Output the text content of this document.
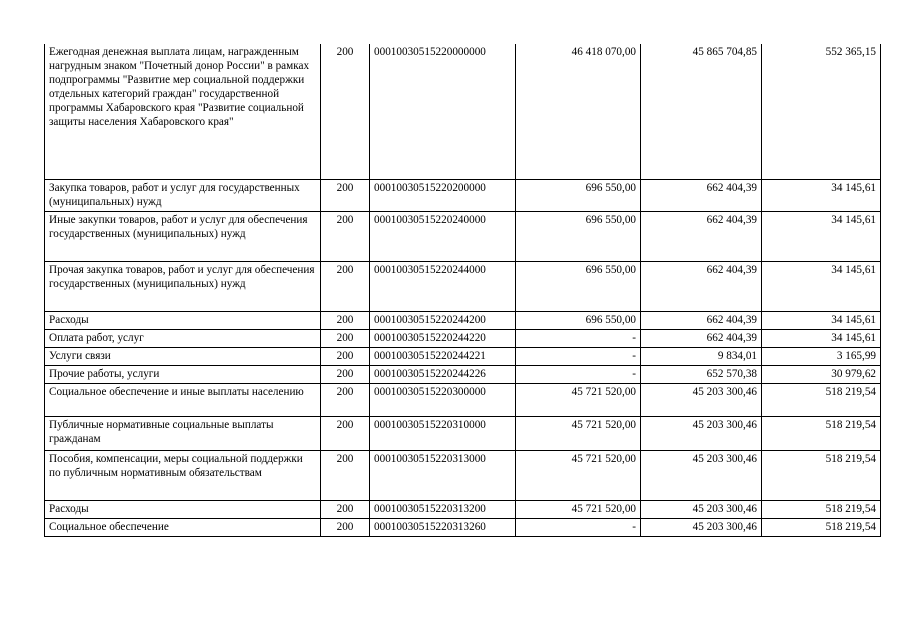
Ежегодная денежная выплата лицам, награжденным нагрудным знаком "Почетный донор России" в рамках подпрограммы "Развитие мер социальной поддержки отдельных категорий граждан" государственной программы Хабаровского края "Развитие социальной защиты населения Хабаровского края"	200	00010030515220000000	46 418 070,00	45 865 704,85	552 365,15
Закупка товаров, работ и услуг для государственных (муниципальных) нужд	200	00010030515220200000	696 550,00	662 404,39	34 145,61
Иные закупки товаров, работ и услуг для обеспечения государственных (муниципальных) нужд	200	00010030515220240000	696 550,00	662 404,39	34 145,61
Прочая закупка товаров, работ и услуг для обеспечения государственных (муниципальных) нужд	200	00010030515220244000	696 550,00	662 404,39	34 145,61
Расходы	200	00010030515220244200	696 550,00	662 404,39	34 145,61
Оплата работ, услуг	200	00010030515220244220	-	662 404,39	34 145,61
Услуги связи	200	00010030515220244221	-	9 834,01	3 165,99
Прочие работы, услуги	200	00010030515220244226	-	652 570,38	30 979,62
Социальное обеспечение и иные выплаты населению	200	00010030515220300000	45 721 520,00	45 203 300,46	518 219,54
Публичные нормативные социальные выплаты гражданам	200	00010030515220310000	45 721 520,00	45 203 300,46	518 219,54
Пособия, компенсации, меры социальной поддержки по публичным нормативным обязательствам	200	00010030515220313000	45 721 520,00	45 203 300,46	518 219,54
Расходы	200	00010030515220313200	45 721 520,00	45 203 300,46	518 219,54
Социальное обеспечение	200	00010030515220313260	-	45 203 300,46	518 219,54
